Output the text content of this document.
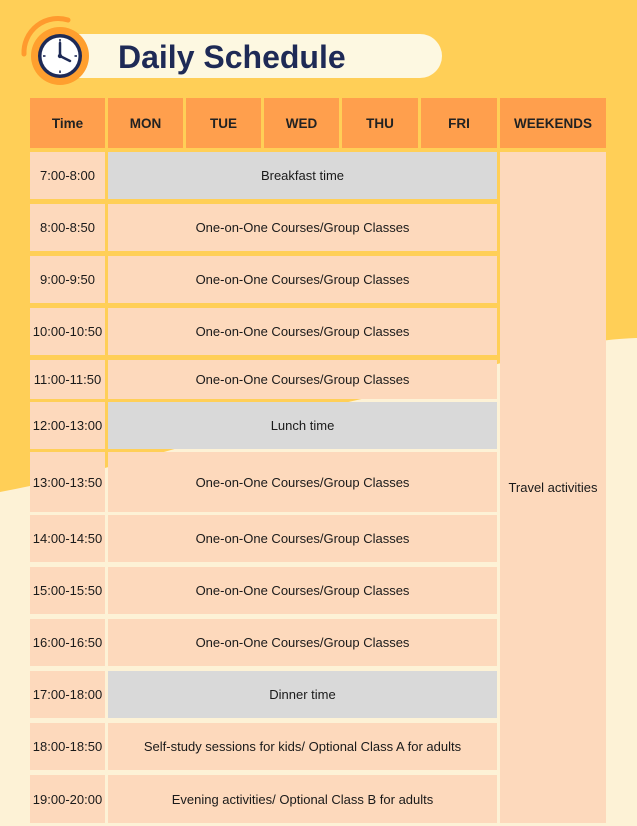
Daily Schedule
Time	MON	TUE	WED	THU	FRI	WEEKENDS
7:00-8:00	Breakfast time
8:00-8:50	One-on-One Courses/Group Classes
9:00-9:50	One-on-One Courses/Group Classes
10:00-10:50	One-on-One Courses/Group Classes
11:00-11:50	One-on-One Courses/Group Classes
12:00-13:00	Lunch time
13:00-13:50	One-on-One Courses/Group Classes
14:00-14:50	One-on-One Courses/Group Classes
15:00-15:50	One-on-One Courses/Group Classes
16:00-16:50	One-on-One Courses/Group Classes
17:00-18:00	Dinner time
18:00-18:50	Self-study sessions for kids/ Optional Class A for adults
19:00-20:00	Evening activities/ Optional Class B for adults
Travel activities
